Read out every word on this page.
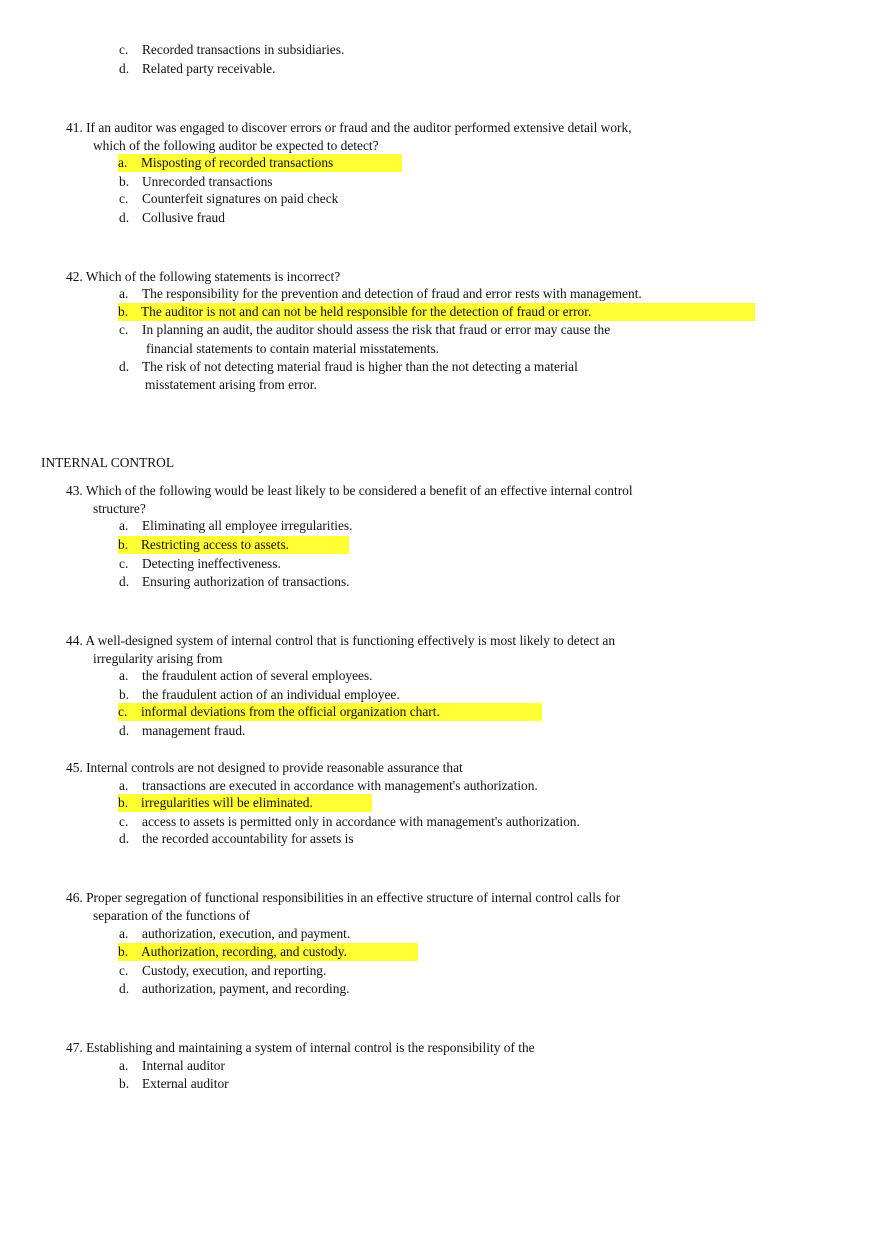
c. Recorded transactions in subsidiaries.
d. Related party receivable.
41. If an auditor was engaged to discover errors or fraud and the auditor performed extensive detail work,
which of the following auditor be expected to detect?
a. Misposting of recorded transactions
b. Unrecorded transactions
c. Counterfeit signatures on paid check
d. Collusive fraud
42. Which of the following statements is incorrect?
a. The responsibility for the prevention and detection of fraud and error rests with management.
b. The auditor is not and can not be held responsible for the detection of fraud or error.
c. In planning an audit, the auditor should assess the risk that fraud or error may cause the
financial statements to contain material misstatements.
d. The risk of not detecting material fraud is higher than the not detecting a material
misstatement arising from error.
INTERNAL CONTROL
43. Which of the following would be least likely to be considered a benefit of an effective internal control
structure?
a. Eliminating all employee irregularities.
b. Restricting access to assets.
c. Detecting ineffectiveness.
d. Ensuring authorization of transactions.
44. A well-designed system of internal control that is functioning effectively is most likely to detect an
irregularity arising from
a. the fraudulent action of several employees.
b. the fraudulent action of an individual employee.
c. informal deviations from the official organization chart.
d. management fraud.
45. Internal controls are not designed to provide reasonable assurance that
a. transactions are executed in accordance with management's authorization.
b. irregularities will be eliminated.
c. access to assets is permitted only in accordance with management's authorization.
d. the recorded accountability for assets is
46. Proper segregation of functional responsibilities in an effective structure of internal control calls for
separation of the functions of
a. authorization, execution, and payment.
b. Authorization, recording, and custody.
c. Custody, execution, and reporting.
d. authorization, payment, and recording.
47. Establishing and maintaining a system of internal control is the responsibility of the
a. Internal auditor
b. External auditor
